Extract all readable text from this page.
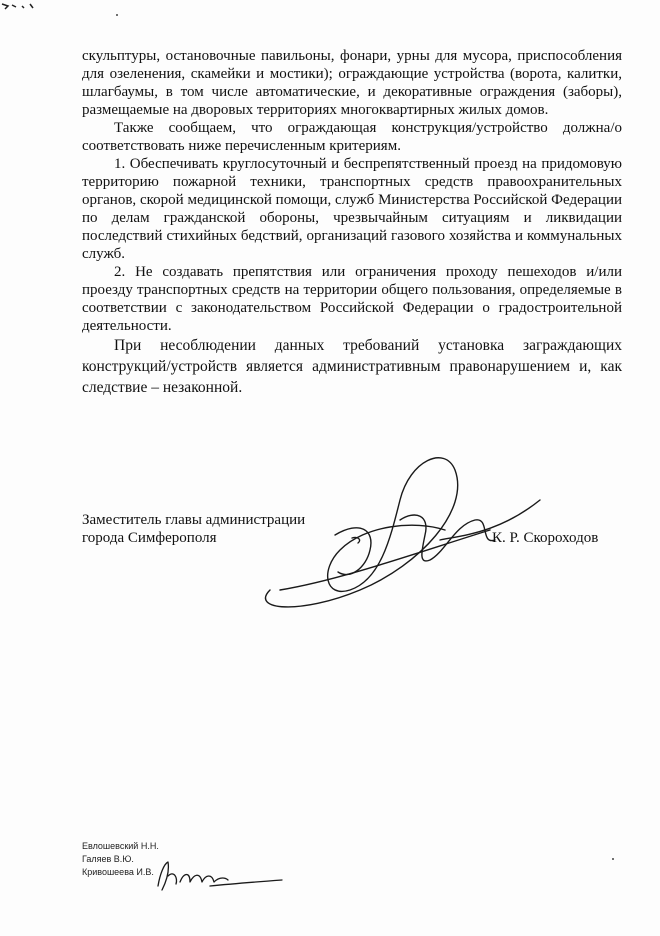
скульптуры, остановочные павильоны, фонари, урны для мусора, приспособления для озеленения, скамейки и мостики); ограждающие устройства (ворота, калитки, шлагбаумы, в том числе автоматические, и декоративные ограждения (заборы), размещаемые на дворовых территориях многоквартирных жилых домов.

Также сообщаем, что ограждающая конструкция/устройство должна/о соответствовать ниже перечисленным критериям.

1. Обеспечивать круглосуточный и беспрепятственный проезд на придомовую территорию пожарной техники, транспортных средств правоохранительных органов, скорой медицинской помощи, служб Министерства Российской Федерации по делам гражданской обороны, чрезвычайным ситуациям и ликвидации последствий стихийных бедствий, организаций газового хозяйства и коммунальных служб.

2. Не создавать препятствия или ограничения проходу пешеходов и/или проезду транспортных средств на территории общего пользования, определяемые в соответствии с законодательством Российской Федерации о градостроительной деятельности.

При несоблюдении данных требований установка заграждающих конструкций/устройств является административным правонарушением и, как следствие – незаконной.

Заместитель главы администрации

города Симферополя	К. Р. Скороходов

Евлошевский Н.Н.

Галяев В.Ю.

Кривошеева И.В.
